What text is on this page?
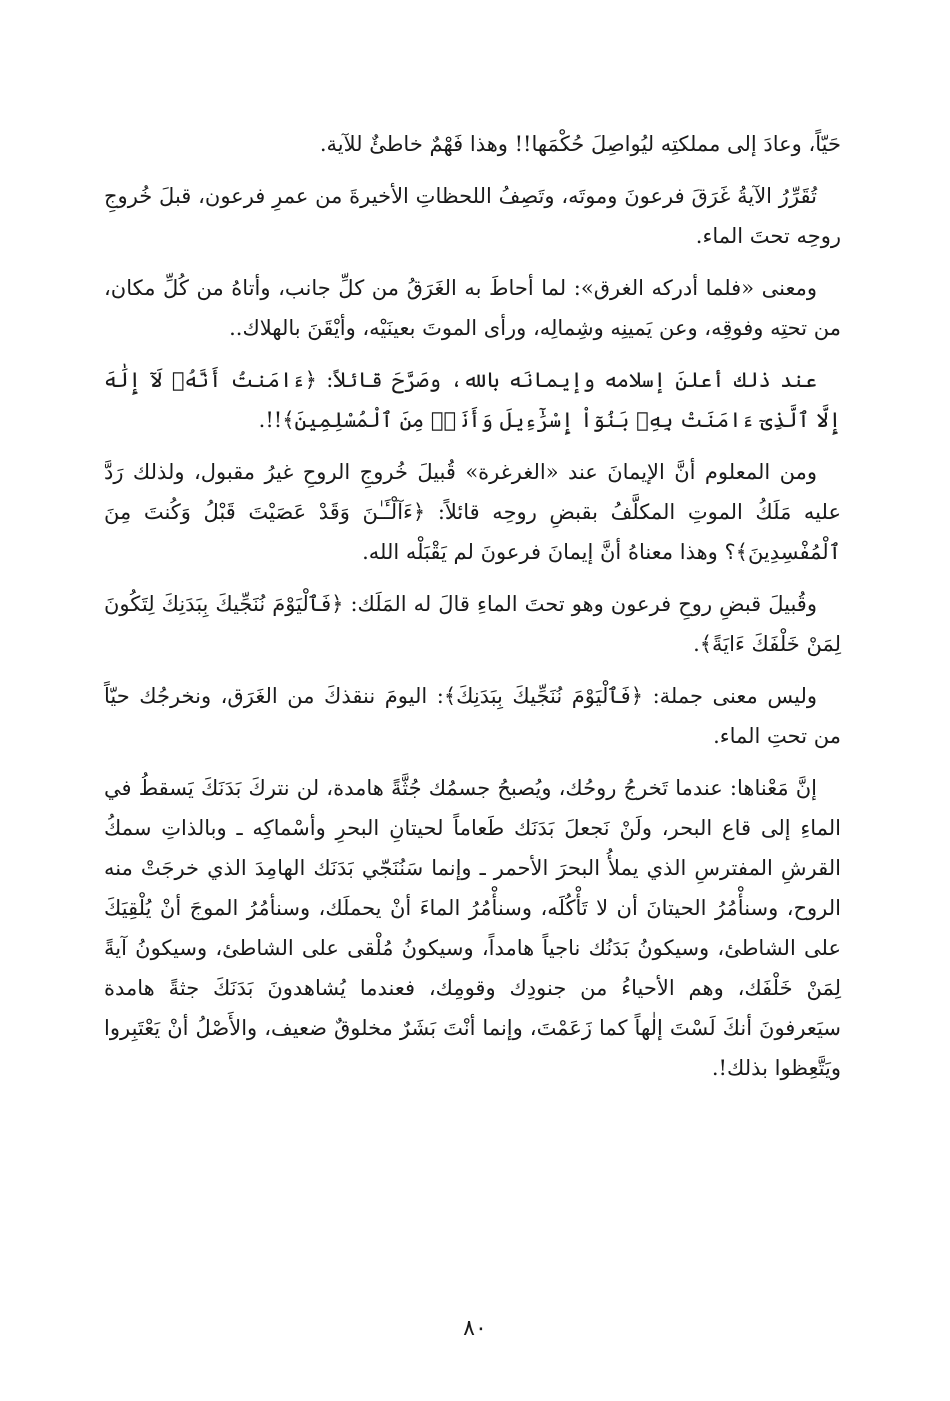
حَيّاً، وعادَ إلى مملكتِه ليُواصِلَ حُكْمَها!! وهذا فَهْمٌ خاطئٌ للآية.

تُقَرِّرُ الآيةُ غَرَقَ فرعونَ وموتَه، وتَصِفُ اللحظاتِ الأخيرةَ من عمرِ فرعون، قبلَ خُروجِ روحِه تحتَ الماء.

ومعنى «فلما أدركه الغرق»: لما أحاطَ به الغَرَقُ من كلِّ جانب، وأتاهُ من كُلِّ مكان، من تحتِه وفوقِه، وعن يَمينِه وشِمالِه، ورأى الموتَ بعينَيْه، وأيْقَنَ بالهلاك..

عند ذلك أعلنَ إسلامه وإيمانَه بالله، وصَرَّحَ قائلاً: ﴿ءَامَنتُ أَنَّهُۥ لَآ إِلَٰهَ إِلَّا ٱلَّذِىٓ ءَامَنَتْ بِهِۦ بَنُوٓاْ إِسْرَٰٓءِيلَ وَأَنَا۠ مِنَ ٱلْمُسْلِمِينَ﴾!!.

ومن المعلوم أنَّ الإيمانَ عند «الغرغرة» قُبيلَ خُروجِ الروحِ غيرُ مقبول، ولذلك رَدَّ عليه مَلَكُ الموتِ المكلَّفُ بقبضِ روحِه قائلاً: ﴿ءَآلْـَٔـٰنَ وَقَدْ عَصَيْتَ قَبْلُ وَكُنتَ مِنَ ٱلْمُفْسِدِينَ﴾؟ وهذا معناهُ أنَّ إيمانَ فرعونَ لم يَقْبَلْه الله.

وقُبيلَ قبضِ روحِ فرعون وهو تحتَ الماءِ قالَ له المَلَك: ﴿فَٱلْيَوْمَ نُنَجِّيكَ بِبَدَنِكَ لِتَكُونَ لِمَنْ خَلْفَكَ ءَايَةً﴾.

وليس معنى جملة: ﴿فَٱلْيَوْمَ نُنَجِّيكَ بِبَدَنِكَ﴾: اليومَ ننقذكَ من الغَرَق، ونخرجُك حيّاً من تحتِ الماء.

إنَّ مَعْناها: عندما تَخرجُ روحُك، ويُصبحُ جسمُك جُثَّةً هامدة، لن نتركَ بَدَنَكَ يَسقطُ في الماءِ إلى قاع البحر، ولَنْ نَجعلَ بَدَنَك طَعاماً لحيتانِ البحرِ وأسْماكِه ـ وبالذاتِ سمكُ القرشِ المفترسِ الذي يملأُ البحرَ الأحمر ـ وإنما سَنُنَجّي بَدَنَك الهامِدَ الذي خرجَتْ منه الروح، وسنأْمُرُ الحيتانَ أن لا تَأْكُلَه، وسنأْمُرُ الماءَ أنْ يحملَك، وسنأمُرُ الموجَ أنْ يُلْقِيَكَ على الشاطئ، وسيكونُ بَدَنُك ناجياً هامداً، وسيكونُ مُلْقى على الشاطئ، وسيكونُ آيةً لِمَنْ خَلْفَك، وهم الأحياءُ من جنودِك وقومِك، فعندما يُشاهدونَ بَدَنَكَ جثةً هامدة سيَعرفونَ أنكَ لَسْتَ إلٰهاً كما زَعَمْتَ، وإنما أنْتَ بَشَرٌ مخلوقٌ ضعيف، والأَصْلُ أنْ يَعْتَبِروا ويَتَّعِظوا بذلك!.

٨٠
